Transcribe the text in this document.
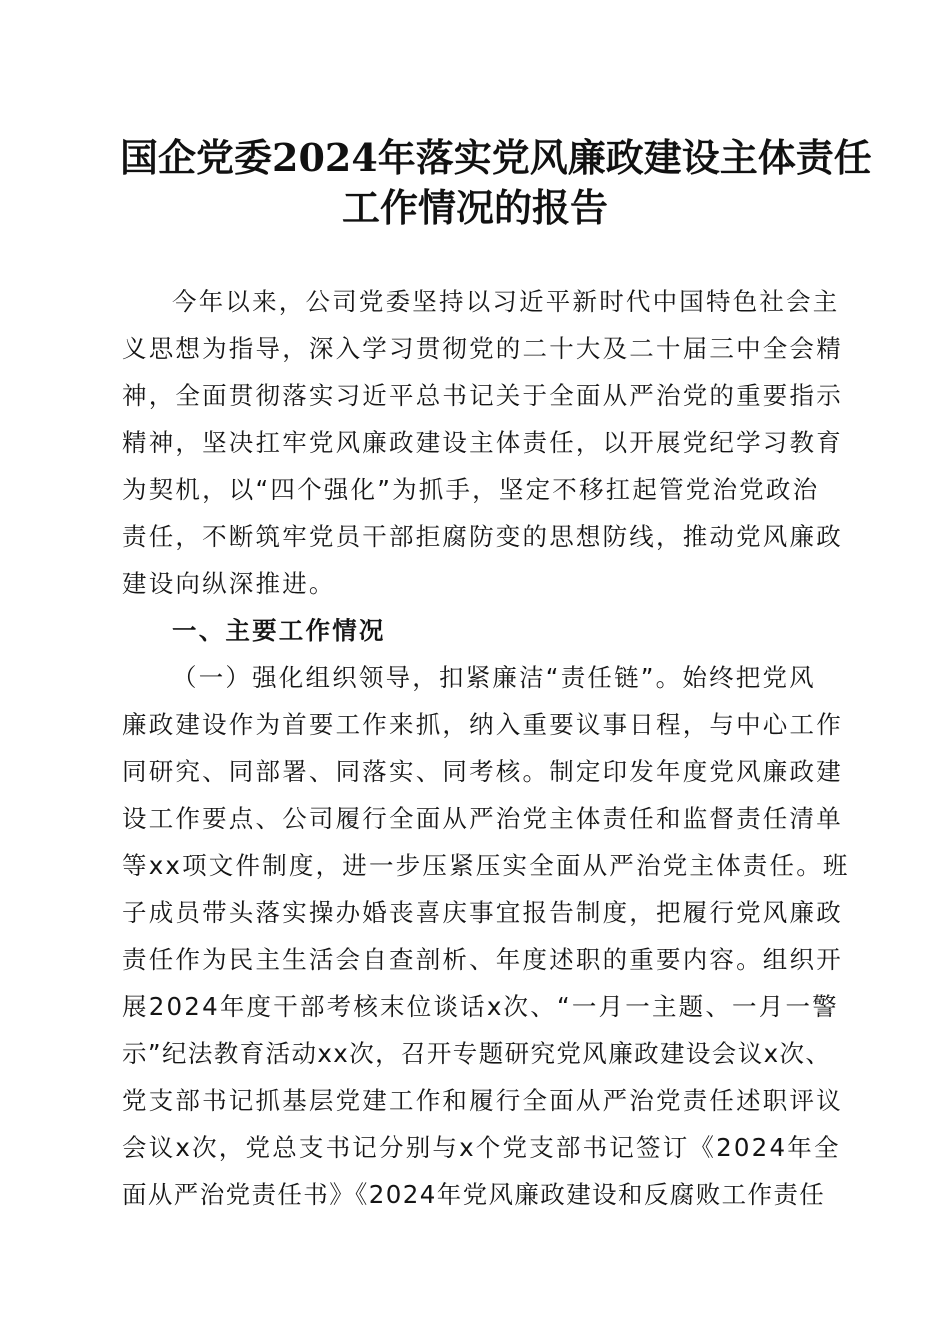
国企党委2024年落实党风廉政建设主体责任
工作情况的报告
今年以来，公司党委坚持以习近平新时代中国特色社会主
义思想为指导，深入学习贯彻党的二十大及二十届三中全会精
神，全面贯彻落实习近平总书记关于全面从严治党的重要指示
精神，坚决扛牢党风廉政建设主体责任，以开展党纪学习教育
为契机，以“四个强化”为抓手，坚定不移扛起管党治党政治
责任，不断筑牢党员干部拒腐防变的思想防线，推动党风廉政
建设向纵深推进。
一、主要工作情况
（一）强化组织领导，扣紧廉洁“责任链”。始终把党风
廉政建设作为首要工作来抓，纳入重要议事日程，与中心工作
同研究、同部署、同落实、同考核。制定印发年度党风廉政建
设工作要点、公司履行全面从严治党主体责任和监督责任清单
等xx项文件制度，进一步压紧压实全面从严治党主体责任。班
子成员带头落实操办婚丧喜庆事宜报告制度，把履行党风廉政
责任作为民主生活会自查剖析、年度述职的重要内容。组织开
展2024年度干部考核末位谈话x次、“一月一主题、一月一警
示”纪法教育活动xx次，召开专题研究党风廉政建设会议x次、
党支部书记抓基层党建工作和履行全面从严治党责任述职评议
会议x次，党总支书记分别与x个党支部书记签订《2024年全
面从严治党责任书》《2024年党风廉政建设和反腐败工作责任
